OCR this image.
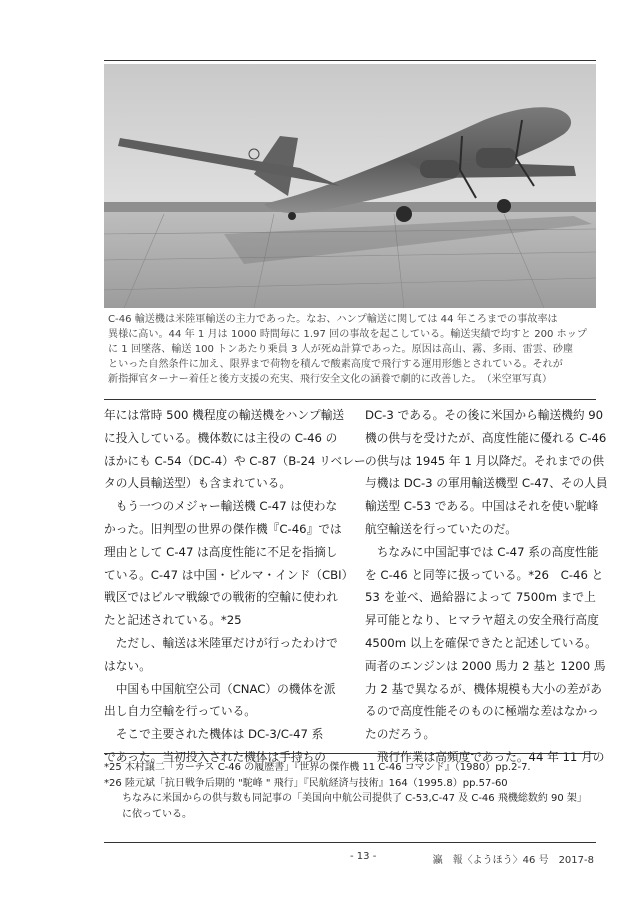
C-46 輸送機は米陸軍輸送の主力であった。なお、ハンプ輸送に関しては 44 年ころまでの事故率は
異様に高い。44 年 1 月は 1000 時間毎に 1.97 回の事故を起こしている。輸送実績で均すと 200 ホップ
に 1 回墜落、輸送 100 トンあたり乗員 3 人が死ぬ計算であった。原因は高山、霧、多雨、雷雲、砂塵
といった自然条件に加え、限界まで荷物を積んで酸素高度で飛行する運用形態とされている。それが
新指揮官ターナー着任と後方支援の充実、飛行安全文化の涵養で劇的に改善した。　（米空軍写真）

年には常時 500 機程度の輸送機をハンプ輸送

に投入している。機体数には主役の C-46 の

ほかにも C-54（DC-4）や C-87（B-24 リベレー

タの人員輸送型）も含まれている。

　もう一つのメジャー輸送機 C-47 は使わな

かった。旧判型の世界の傑作機『C-46』では

理由として C-47 は高度性能に不足を指摘し

ている。C-47 は中国・ビルマ・インド（CBI）

戦区ではビルマ戦線での戦術的空輸に使われ

たと記述されている。*25

　ただし、輸送は米陸軍だけが行ったわけで

はない。

　中国も中国航空公司（CNAC）の機体を派

出し自力空輸を行っている。

　そこで主要された機体は DC-3/C-47 系

であった。当初投入された機体は手持ちの

DC-3 である。その後に米国から輸送機約 90

機の供与を受けたが、高度性能に優れる C-46

の供与は 1945 年 1 月以降だ。それまでの供

与機は DC-3 の軍用輸送機型 C-47、その人員

輸送型 C-53 である。中国はそれを使い駝峰

航空輸送を行っていたのだ。

　ちなみに中国記事では C-47 系の高度性能

を C-46 と同等に扱っている。*26　C-46 と

53 を並べ、過給器によって 7500m まで上

昇可能となり、ヒマラヤ超えの安全飛行高度

4500m 以上を確保できたと記述している。

両者のエンジンは 2000 馬力 2 基と 1200 馬

力 2 基で異なるが、機体規模も大小の差があ

るので高度性能そのものに極端な差はなかっ

たのだろう。

　飛行作業は高頻度であった。44 年 11 月の

*25 木村譲二「カーチス C-46 の履歴書」『世界の傑作機 11 C-46 コマンド』（1980）pp.2-7.
*26 陸元斌「抗日戦争后期的 "駝峰 " 飛行」『民航経済与技術』164（1995.8）pp.57-60
ちなみに米国からの供与数も同記事の「美国向中航公司提供了 C-53,C-47 及 C-46 飛機総数約 90 架」
に依っている。
- 13 -	瀛　報〈ようほう〉46 号　2017-8
